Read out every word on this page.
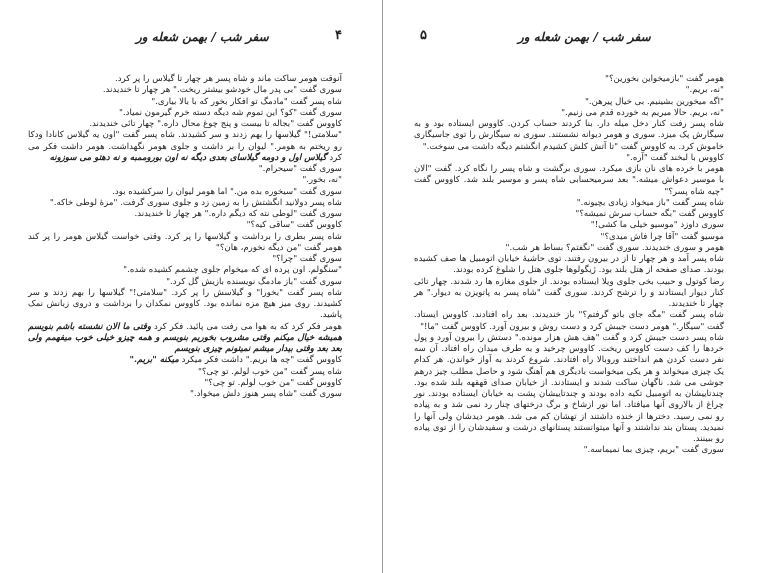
سفر شب / بهمن شعله ور	۴

آنوقت هومر ساکت ماند و شاه پسر هر چهار تا گیلاس را پر کرد.

سوری گفت "بی پدر مال خودشو بیشتر ریخت." هر چهار تا خندیدند.

شاه پسر گفت "مادمگ تو افکار بخور که با بالا بیاری."

سوری گفت "کو؟ این تموم شه دیگه دسته خرم گیرمون نمیاد."

کاووس گفت "بجاله تا بیست و پنج چوغ محال داره." چهار تائی خندیدند.

"سلامتی!" گیلاسها را بهم زدند و سر کشیدند. شاه پسر گفت "اون یه گیلاس کانادا ودکا رو ریختم به هومر." لیوان را بر داشت و جلوی هومر نگهداشت. هومر داشت فکر می کرد گیلاس اول و دومه گیلاسای بعدی دیگه نه اون بوروممبه و نه دهتو می سوزونه

سوری گفت "سیحرام."

"نه، بخور."

سوری گفت "سیخوره بده من." اما هومر لیوان را سرکشیده بود.

شاه پسر دولانید انگشتش را به زمین زد و جلوی سوری گرفت. "مزهٔ لوطی خاکه."

سوری گفت "لوطی نته که دیگم داره." هر چهار تا خندیدند.

کاووس گفت "ساقی کیه؟"

شاه پسر بطری را برداشت و گیلاسها را پر کرد. وقتی خواست گیلاس هومر را پر کند هومر گفت "من دیگه نخورم، هان؟"

سوری گفت "چرا؟"

"سنگولم. اون پرده ای که میخوام جلوی چشمم کشیده شده."

سوری گفت "باز مادمگ نویسنده بازیش گل کرد."

شاه پسر گفت "بخورا" و گیلاسش را پر کرد. "سلامتی!" گیلاسها را بهم زدند و سر کشیدند. روی میز هیچ مزه نمانده بود. کاووس نمکدان را برداشت و دروی زبانش نمک پاشید.

هومر فکر کرد که به هوا می رفت می پائید. فکر کرد وقتی ما الان نشسته باشم بنویسم همیشه خیال میکنم وقتی مشروب بخوریم بنویسم و همه چیزو خیلی خوب میفهمم ولی بعد بعد وقتی بیدار میشم نمیتونم چیزی بنویسم

کاووس گفت "چه ها بریم." داشت فکر میکرد میکنه "بریم."

شاه پسر گفت "من خوب لولم. تو چی؟"

کاووس گفت "من خوب لولم. تو چی؟"

سوری گفت "شاه پسر هنوز دلش میخواد."

سفر شب / بهمن شعله ور
۵

هومر گفت "بازمیخواین بخورین؟"

"نه، بریم."

"اگه میخورین بشینیم. بی خیال پیرهن."

"نه، بریم. حالا میریم به خورده قدم می زنیم."

شاه پسر رفت کنار دخل میله دار. بنا کردند حساب کردن. کاووس ایستاده بود و به سیگارش پک میزد. سوری و هومر دیوانه نشستند. سوری نه سیگارش را توی جاسیگاری خاموش کرد. به کاووس گفت "تا آتش کلش کشیدم انگشتم دیگه داشت می سوخت."

کاووس با لبخند گفت "آره."

هومر با خرده های نان بازی میکرد. سوری برگشت و شاه پسر را نگاه کرد. گفت "الان با موسیر دعواش میشه." بعد سرمیحسابی شاه پسر و موسیر بلند شد. کاووس گفت "چیه شاه پسر؟"

شاه پسر گفت "باز میخواد زیادی بچیونه."

کاووس گفت "بگه حساب سرش نمیشه؟"

سوری داوزد "موسیو خیلی ما کشی!"

موسیو گفت "آقا چرا فاش میدی؟"

هومر و سوری خندیدند. سوری گفت "نگفتم؟ بساط هر شب."

شاه پسر آمد و هر چهار تا از در بیرون رفتند. توی حاشیهٔ خیابان اتومبیل ها صف کشیده بودند. صدای صفحه از هتل بلند بود. ژیگولوها جلوی هتل را شلوغ کرده بودند.

رضا کوتول و حبیب بخی جلوی ویلا ایستاده بودند. از جلوی مغازه ها رد شدند. چهار تائی کنار دیوار ایستادند و را ترشح کردند. سوری گفت "شاه پسر به پاتویزن به دیوار." هر چهار تا خندیدند.

شاه پسر گفت "مگه جای باتو گرفتم؟" باز خندیدند. بعد راه افتادند. کاووس ایستاد. گفت "سیگار." هومر دست جیبش کرد و دست روش و بیرون آورد. کاووس گفت "ما!"

شاه پسر دست جیبش کرد و گفت "هف هش هزار مونده." دستش را بیرون آورد و پول خردها را کف دست کاووس ریخت. کاووس چرخید و به طرف میدان راه افتاد. آن سه نفر دست کردن هم انداختند وروبالا راه افتادند. شروع کردند به آواز خواندن. هر کدام یک چیزی میخواند و هر یکی میخواست بادیگری هم آهنگ شود و حاصل مطلب چیز درهم جوشی می شد. ناگهان ساکت شدند و ایستادند. از خیابان صدای قهقهه بلند شده بود. چندتاییشان به اتومبیل تکیه داده بودند و چندتاییشان پشت به خیابان ایستاده بودند. نور چراغ از بالاروی آنها میافتاد. اما نور ازشاخ و برگ درختهای چنار رد نمی شد و به پیاده رو نمی رسید. دخترها از خنده داشتند از تهشان کم می شد. هومر دیدشان ولی آنها را نمیدید. پستان بند نداشتند و آنها میتوانستند پستانهای درشت و سفیدشان را از توی پیاده رو ببینند.

سوری گفت "بریم، چیزی بما نمیماسه."
